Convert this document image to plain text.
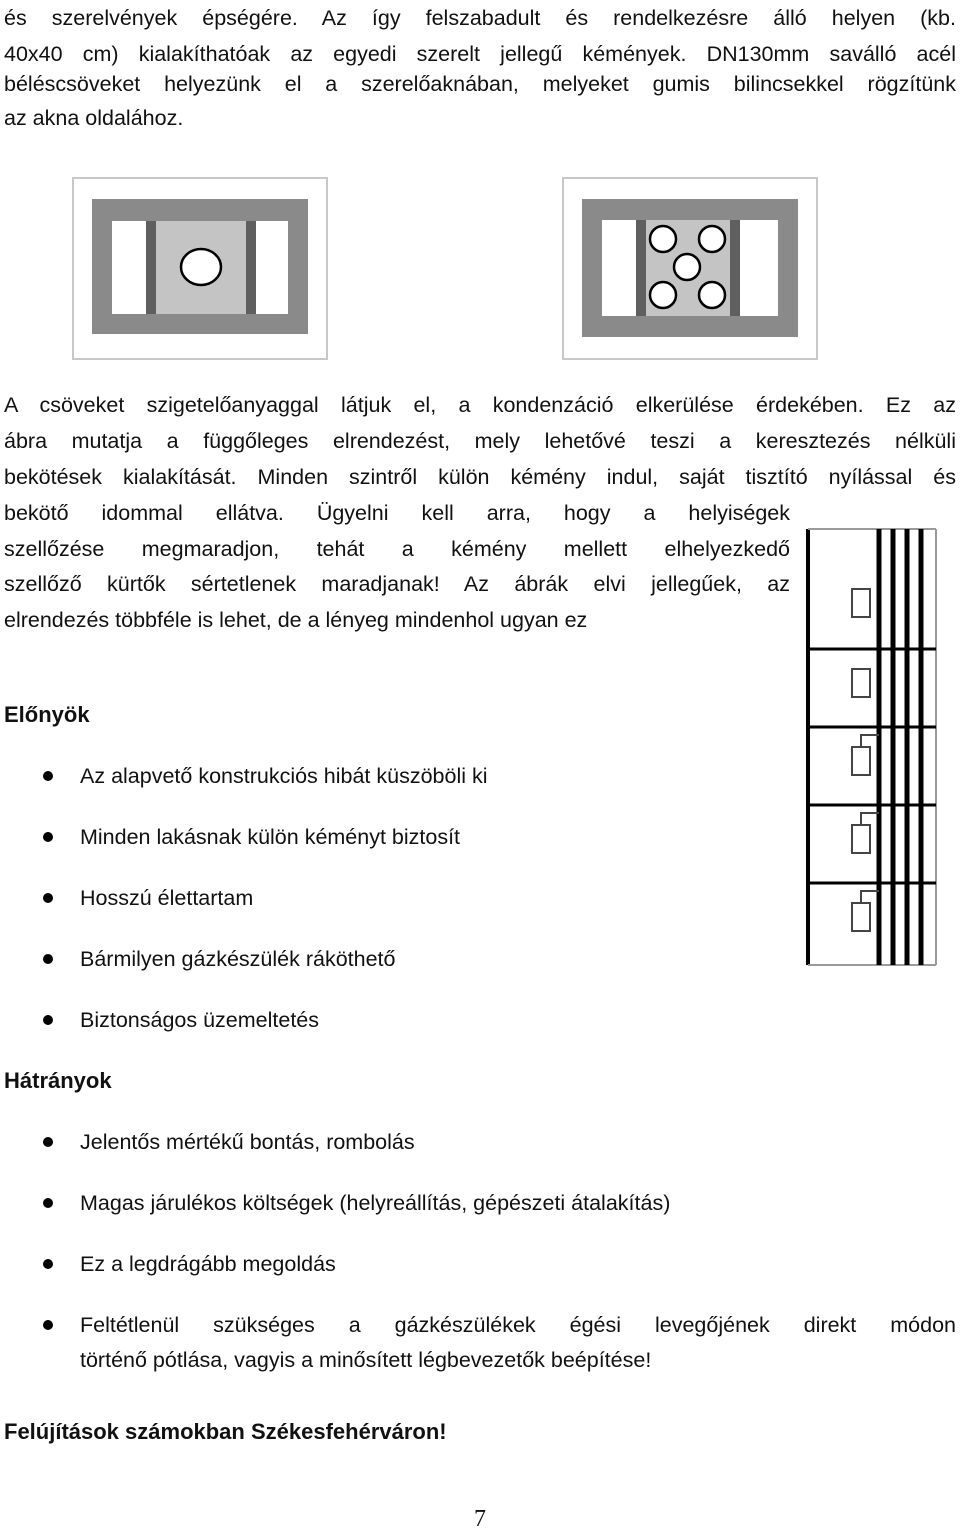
és szerelvények épségére. Az így felszabadult és rendelkezésre álló helyen (kb.
40x40 cm) kialakíthatóak az egyedi szerelt jellegű kémények. DN130mm saválló acél
béléscsöveket helyezünk el a szerelőaknában, melyeket gumis bilincsekkel rögzítünk
az akna oldalához.
A csöveket szigetelőanyaggal látjuk el, a kondenzáció elkerülése érdekében. Ez az
ábra mutatja a függőleges elrendezést, mely lehetővé teszi a keresztezés nélküli
bekötések kialakítását. Minden szintről külön kémény indul, saját tisztító nyílással és
bekötő idommal ellátva. Ügyelni kell arra, hogy a helyiségek
szellőzése megmaradjon, tehát a kémény mellett elhelyezkedő
szellőző kürtők sértetlenek maradjanak! Az ábrák elvi jellegűek, az
elrendezés többféle is lehet, de a lényeg mindenhol ugyan ez
Előnyök
Az alapvető konstrukciós hibát küszöböli ki
Minden lakásnak külön kéményt biztosít
Hosszú élettartam
Bármilyen gázkészülék ráköthető
Biztonságos üzemeltetés
Hátrányok
Jelentős mértékű bontás, rombolás
Magas járulékos költségek (helyreállítás, gépészeti átalakítás)
Ez a legdrágább megoldás
Feltétlenül szükséges a gázkészülékek égési levegőjének direkt módon
történő pótlása, vagyis a minősített légbevezetők beépítése!
Felújítások számokban Székesfehérváron!
7
